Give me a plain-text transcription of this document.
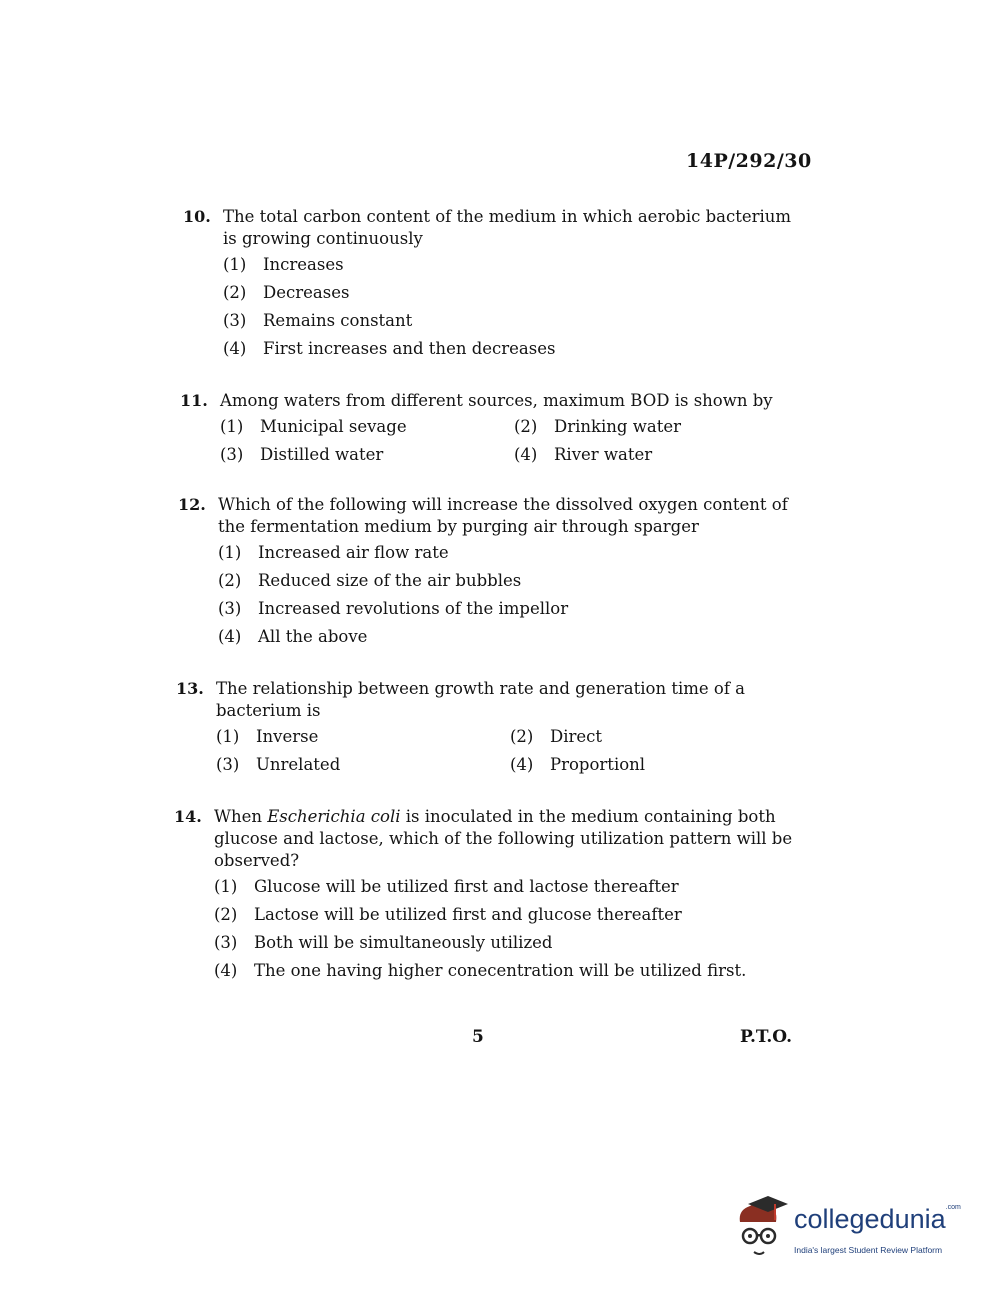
14P/292/30
10. The total carbon content of the medium in which aerobic bacterium is growing continuously
(1)	Increases
(2)	Decreases
(3)	Remains constant
(4)	First increases and then decreases
11. Among waters from different sources, maximum BOD is shown by
(1)	Municipal sevage	(2)	Drinking water
(3)	Distilled water	(4)	River water
12. Which of the following will increase the dissolved oxygen content of the fermentation medium by purging air through sparger
(1)	Increased air flow rate
(2)	Reduced size of the air bubbles
(3)	Increased revolutions of the impellor
(4)	All the above
13. The relationship between growth rate and generation time of a bacterium is
(1)	Inverse	(2)	Direct
(3)	Unrelated	(4)	Proportionl
14. When Escherichia coli is inoculated in the medium containing both glucose and lactose, which of the following utilization pattern will be observed?
(1)	Glucose will be utilized first and lactose thereafter
(2)	Lactose will be utilized first and glucose thereafter
(3)	Both will be simultaneously utilized
(4)	The one having higher conecentration will be utilized first.
5	P.T.O.
collegedunia$^{.com}$
India's largest Student Review Platform
